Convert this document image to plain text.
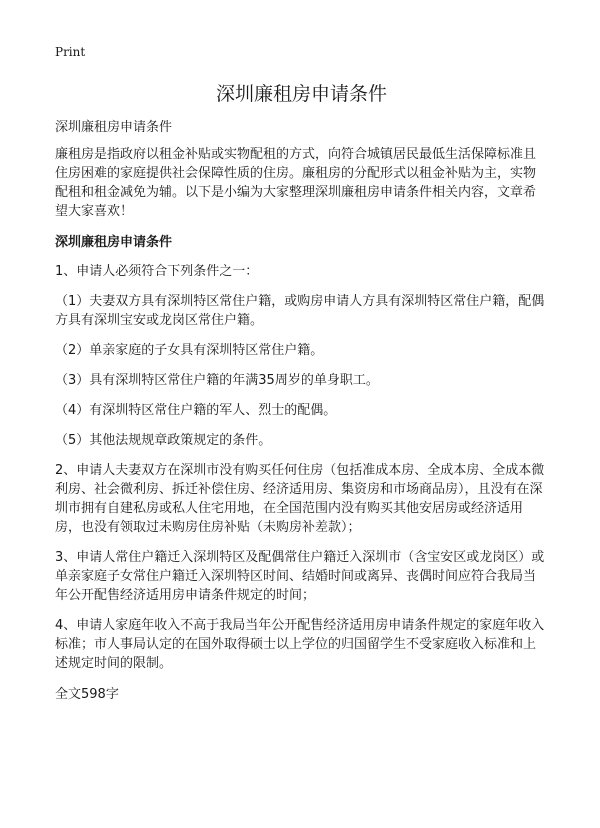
Print

深圳廉租房申请条件

深圳廉租房申请条件

廉租房是指政府以租金补贴或实物配租的方式，向符合城镇居民最低生活保障标准且住房困难的家庭提供社会保障性质的住房。廉租房的分配形式以租金补贴为主，实物配租和租金减免为辅。以下是小编为大家整理深圳廉租房申请条件相关内容，文章希望大家喜欢！

深圳廉租房申请条件

1、申请人必须符合下列条件之一：

（1）夫妻双方具有深圳特区常住户籍，或购房申请人方具有深圳特区常住户籍，配偶方具有深圳宝安或龙岗区常住户籍。

（2）单亲家庭的子女具有深圳特区常住户籍。

（3）具有深圳特区常住户籍的年满35周岁的单身职工。

（4）有深圳特区常住户籍的军人、烈士的配偶。

（5）其他法规规章政策规定的条件。

2、申请人夫妻双方在深圳市没有购买任何住房（包括准成本房、全成本房、全成本微利房、社会微利房、拆迁补偿住房、经济适用房、集资房和市场商品房），且没有在深圳市拥有自建私房或私人住宅用地，在全国范围内没有购买其他安居房或经济适用房，也没有领取过未购房住房补贴（未购房补差款）；

3、申请人常住户籍迁入深圳特区及配偶常住户籍迁入深圳市（含宝安区或龙岗区）或单亲家庭子女常住户籍迁入深圳特区时间、结婚时间或离异、丧偶时间应符合我局当年公开配售经济适用房申请条件规定的时间；

4、申请人家庭年收入不高于我局当年公开配售经济适用房申请条件规定的家庭年收入标准；市人事局认定的在国外取得硕士以上学位的归国留学生不受家庭收入标准和上述规定时间的限制。

全文598字
